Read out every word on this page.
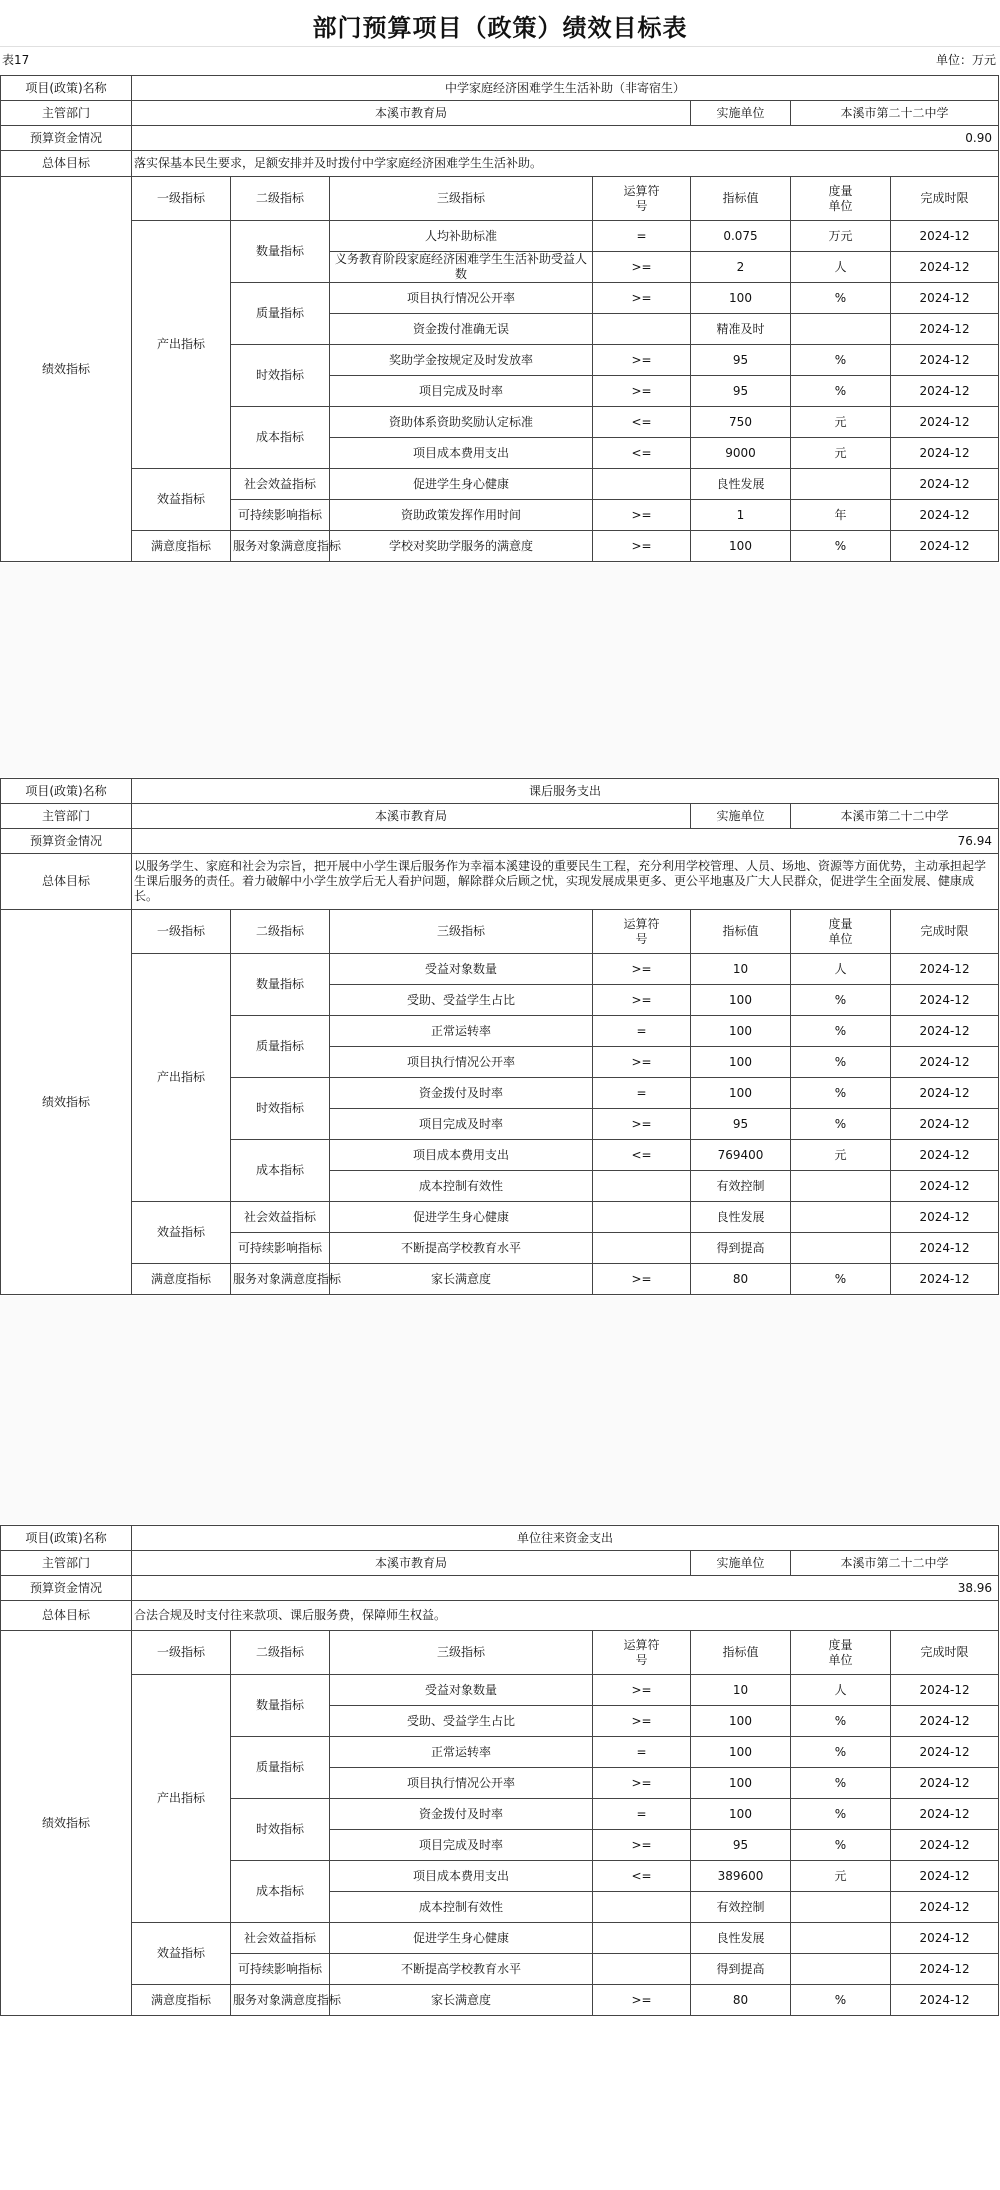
部门预算项目（政策）绩效目标表
表17	单位：万元
项目(政策)名称	中学家庭经济困难学生生活补助（非寄宿生）						
主管部门	本溪市教育局				实施单位	本溪市第二十二中学	
预算资金情况	0.90						
总体目标	落实保基本民生要求，足额安排并及时拨付中学家庭经济困难学生生活补助。						
绩效指标	一级指标	二级指标	三级指标	运算符号	指标值	度量单位	完成时限
	产出指标	数量指标	人均补助标准	=	0.075	万元	2024-12
			义务教育阶段家庭经济困难学生生活补助受益人数	>=	2	人	2024-12
		质量指标	项目执行情况公开率	>=	100	%	2024-12
			资金拨付准确无误		精准及时		2024-12
		时效指标	奖助学金按规定及时发放率	>=	95	%	2024-12
			项目完成及时率	>=	95	%	2024-12
		成本指标	资助体系资助奖励认定标准	<=	750	元	2024-12
			项目成本费用支出	<=	9000	元	2024-12
	效益指标	社会效益指标	促进学生身心健康		良性发展		2024-12
		可持续影响指标	资助政策发挥作用时间	>=	1	年	2024-12
	满意度指标	服务对象满意度指标	学校对奖助学服务的满意度	>=	100	%	2024-12
项目(政策)名称	课后服务支出						
主管部门	本溪市教育局				实施单位	本溪市第二十二中学	
预算资金情况	76.94						
总体目标	以服务学生、家庭和社会为宗旨，把开展中小学生课后服务作为幸福本溪建设的重要民生工程，充分利用学校管理、人员、场地、资源等方面优势，主动承担起学生课后服务的责任。着力破解中小学生放学后无人看护问题，解除群众后顾之忧，实现发展成果更多、更公平地惠及广大人民群众，促进学生全面发展、健康成长。						
绩效指标	一级指标	二级指标	三级指标	运算符号	指标值	度量单位	完成时限
	产出指标	数量指标	受益对象数量	>=	10	人	2024-12
			受助、受益学生占比	>=	100	%	2024-12
		质量指标	正常运转率	=	100	%	2024-12
			项目执行情况公开率	>=	100	%	2024-12
		时效指标	资金拨付及时率	=	100	%	2024-12
			项目完成及时率	>=	95	%	2024-12
		成本指标	项目成本费用支出	<=	769400	元	2024-12
			成本控制有效性		有效控制		2024-12
	效益指标	社会效益指标	促进学生身心健康		良性发展		2024-12
		可持续影响指标	不断提高学校教育水平		得到提高		2024-12
	满意度指标	服务对象满意度指标	家长满意度	>=	80	%	2024-12
项目(政策)名称	单位往来资金支出						
主管部门	本溪市教育局				实施单位	本溪市第二十二中学	
预算资金情况	38.96						
总体目标	合法合规及时支付往来款项、课后服务费，保障师生权益。						
绩效指标	一级指标	二级指标	三级指标	运算符号	指标值	度量单位	完成时限
	产出指标	数量指标	受益对象数量	>=	10	人	2024-12
			受助、受益学生占比	>=	100	%	2024-12
		质量指标	正常运转率	=	100	%	2024-12
			项目执行情况公开率	>=	100	%	2024-12
		时效指标	资金拨付及时率	=	100	%	2024-12
			项目完成及时率	>=	95	%	2024-12
		成本指标	项目成本费用支出	<=	389600	元	2024-12
			成本控制有效性		有效控制		2024-12
	效益指标	社会效益指标	促进学生身心健康		良性发展		2024-12
		可持续影响指标	不断提高学校教育水平		得到提高		2024-12
	满意度指标	服务对象满意度指标	家长满意度	>=	80	%	2024-12
